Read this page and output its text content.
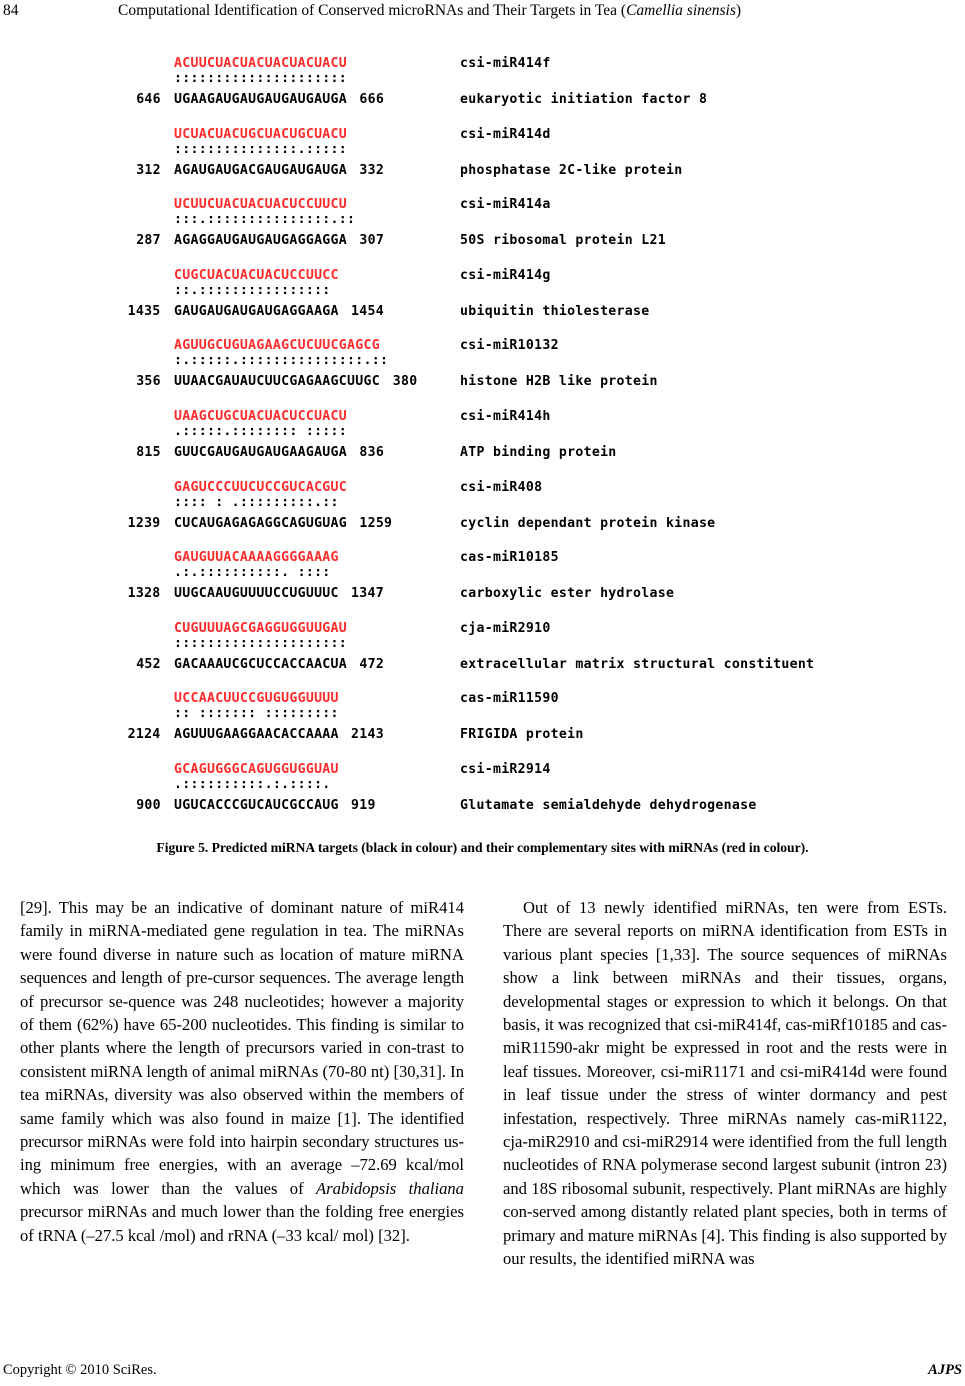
84	Computational Identification of Conserved microRNAs and Their Targets in Tea (Camellia sinensis)
ACUUCUACUACUACUACUACU	csi-miR414f
:::::::::::::::::::::
646 UGAAGAUGAUGAUGAUGAUGA 666	eukaryotic initiation factor 8
UCUACUACUGCUACUGCUACU	csi-miR414d
:::::::::::::::.:::::
312 AGAUGAUGACGAUGAUGAUGA 332	phosphatase 2C-like protein
UCUUCUACUACUACUCCUUCU	csi-miR414a
:::.:::::::::::::::.::
287 AGAGGAUGAUGAUGAGGAGGA 307	50S ribosomal protein L21
CUGCUACUACUACUCCUUCC	csi-miR414g
::.::::::::::::::::
1435 GAUGAUGAUGAUGAGGAAGA 1454	ubiquitin thiolesterase
AGUUGCUGUAGAAGCUCUUCGAGCG	csi-miR10132
:.:::::.:::::::::::::::.::
356 UUAACGAUAUCUUCGAGAAGCUUGC 380	histone H2B like protein
UAAGCUGCUACUACUCCUACU	csi-miR414h
.:::::.:::::::: :::::
815 GUUCGAUGAUGAUGAAGAUGA 836	ATP binding protein
GAGUCCCUUCUCCGUCACGUC	csi-miR408
:::: : .:::::::::.::
1239 CUCAUGAGAGAGGCAGUGUAG 1259	cyclin dependant protein kinase
GAUGUUACAAAAGGGGAAAG	cas-miR10185
.:.::::::::::. ::::
1328 UUGCAAUGUUUUCCUGUUUC 1347	carboxylic ester hydrolase
CUGUUUAGCGAGGUGGUUGAU	cja-miR2910
:::::::::::::::::::::
452 GACAAAUCGCUCCACCAACUA 472	extracellular matrix structural constituent
UCCAACUUCCGUGUGGUUUU	cas-miR11590
:: ::::::: :::::::::
2124 AGUUUGAAGGAACACCAAAA 2143	FRIGIDA protein
GCAGUGGGCAGUGGUGGUAU	csi-miR2914
.::::::::::.:.::::.
900 UGUCACCCGUCAUCGCCAUG 919	Glutamate semialdehyde dehydrogenase
Figure 5. Predicted miRNA targets (black in colour) and their complementary sites with miRNAs (red in colour).

[29]. This may be an indicative of dominant nature of miR414 family in miRNA-mediated gene regulation in tea. The miRNAs were found diverse in nature such as location of mature miRNA sequences and length of pre-cursor sequences. The average length of precursor se-quence was 248 nucleotides; however a majority of them (62%) have 65-200 nucleotides. This finding is similar to other plants where the length of precursors varied in con-trast to consistent miRNA length of animal miRNAs (70-80 nt) [30,31]. In tea miRNAs, diversity was also observed within the members of same family which was also found in maize [1]. The identified precursor miRNAs were fold into hairpin secondary structures us-ing minimum free energies, with an average –72.69 kcal/mol which was lower than the values of Arabidopsis thaliana precursor miRNAs and much lower than the folding free energies of tRNA (–27.5 kcal /mol) and rRNA (–33 kcal/ mol) [32].

Out of 13 newly identified miRNAs, ten were from ESTs. There are several reports on miRNA identification from ESTs in various plant species [1,33]. The source sequences of miRNAs show a link between miRNAs and their tissues, organs, developmental stages or expression to which it belongs. On that basis, it was recognized that csi-miR414f, cas-miRf10185 and cas-miR11590-akr might be expressed in root and the rests were in leaf tissues. Moreover, csi-miR1171 and csi-miR414d were found in leaf tissue under the stress of winter dormancy and pest infestation, respectively. Three miRNAs namely cas-miR1122, cja-miR2910 and csi-miR2914 were identified from the full length nucleotides of RNA polymerase second largest subunit (intron 23) and 18S ribosomal subunit, respectively. Plant miRNAs are highly con-served among distantly related plant species, both in terms of primary and mature miRNAs [4]. This finding is also supported by our results, the identified miRNA was

Copyright © 2010 SciRes.	AJPS
